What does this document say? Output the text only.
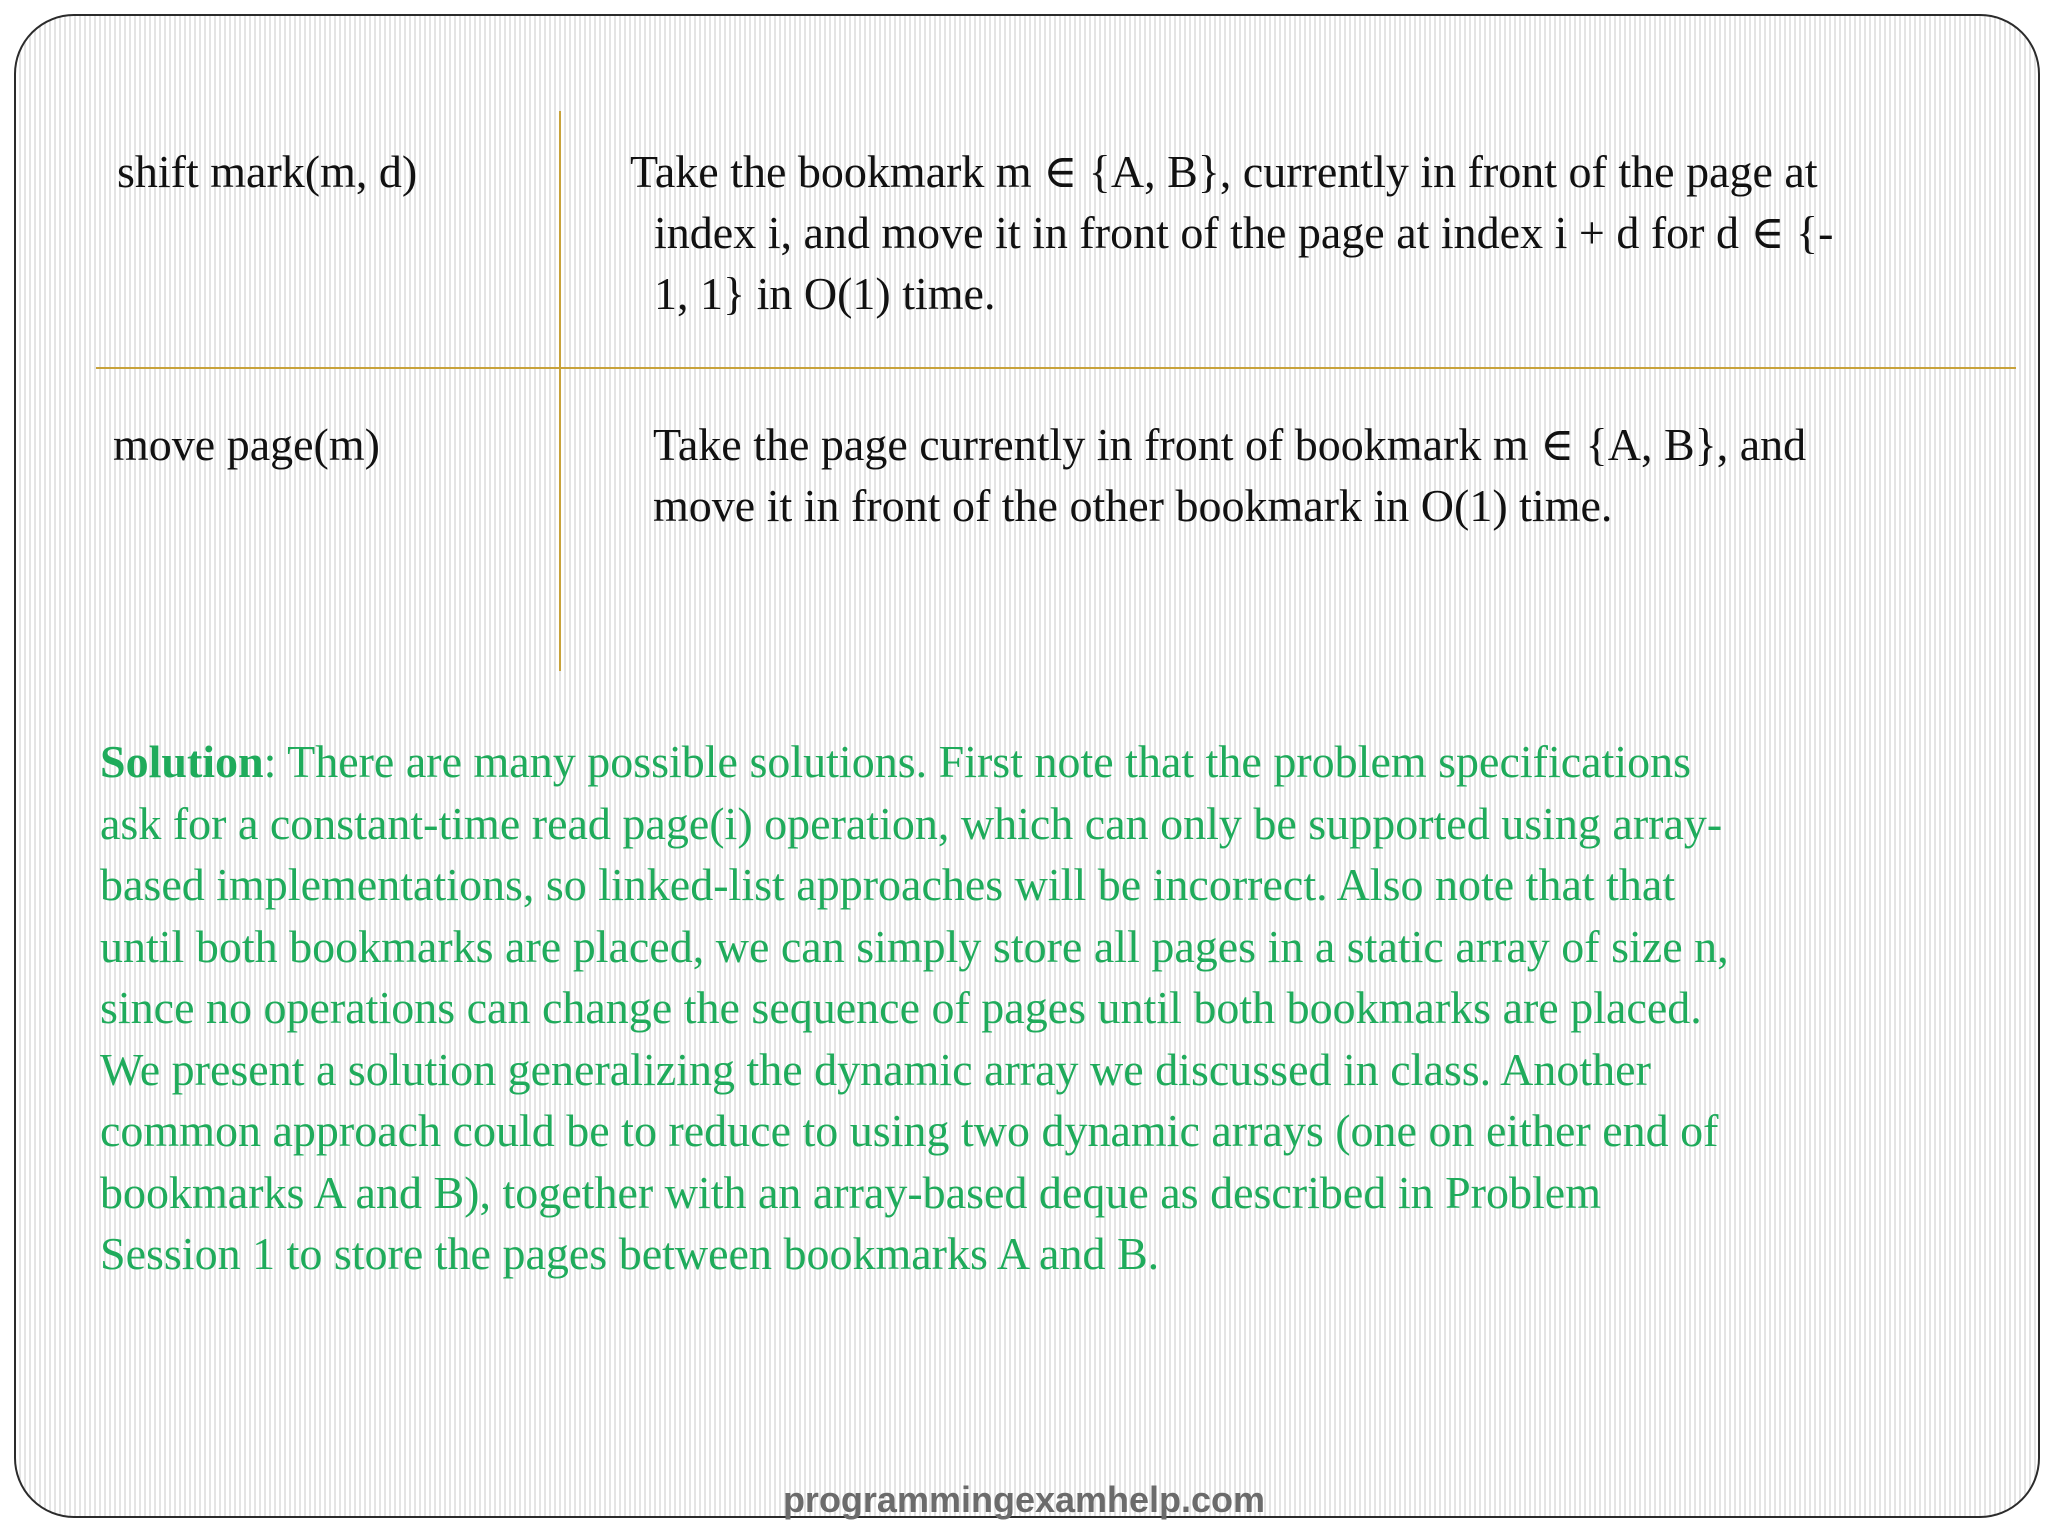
shift mark(m, d)	Take the bookmark m ∈ {A, B}, currently in front of the page at
index i, and move it in front of the page at index i + d for d ∈ {-
1, 1} in O(1) time.
move page(m)	Take the page currently in front of bookmark m ∈ {A, B}, and
move it in front of the other bookmark in O(1) time.
Solution: There are many possible solutions. First note that the problem specifications
ask for a constant-time read page(i) operation, which can only be supported using array-
based implementations, so linked-list approaches will be incorrect. Also note that that
until both bookmarks are placed, we can simply store all pages in a static array of size n,
since no operations can change the sequence of pages until both bookmarks are placed.
We present a solution generalizing the dynamic array we discussed in class. Another
common approach could be to reduce to using two dynamic arrays (one on either end of
bookmarks A and B), together with an array-based deque as described in Problem
Session 1 to store the pages between bookmarks A and B.
programmingexamhelp.com
